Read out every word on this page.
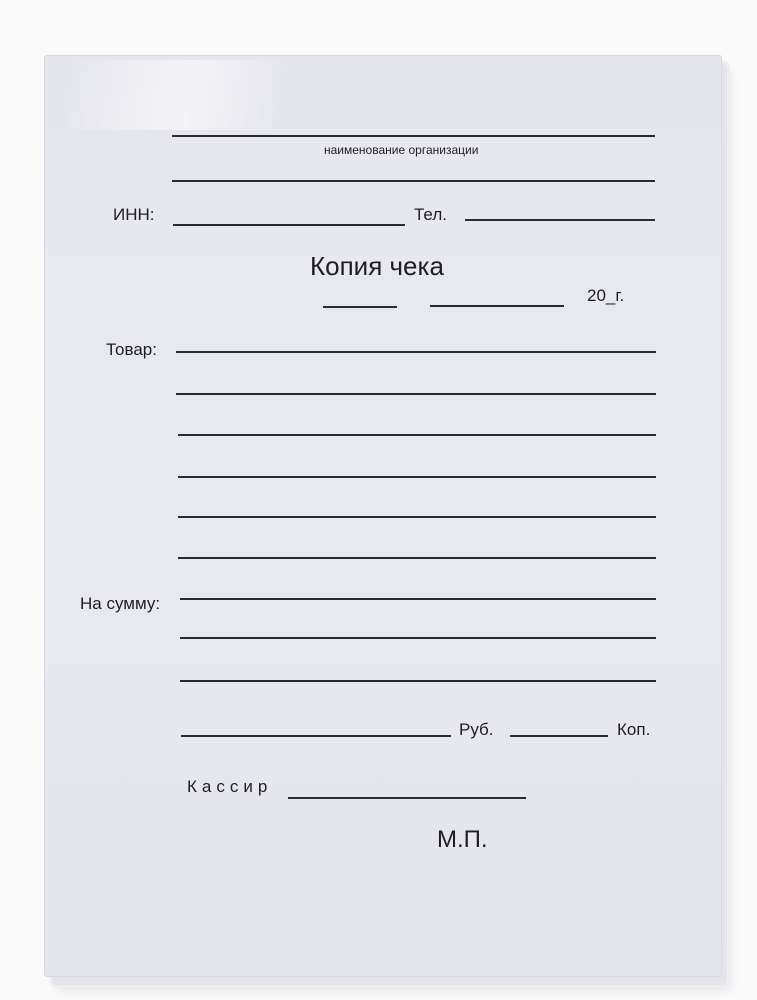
наименование организации
ИНН:	Тел.
Копия чека
20_г.
Товар:
На сумму:
Руб.	Коп.
Кассир
М.П.
